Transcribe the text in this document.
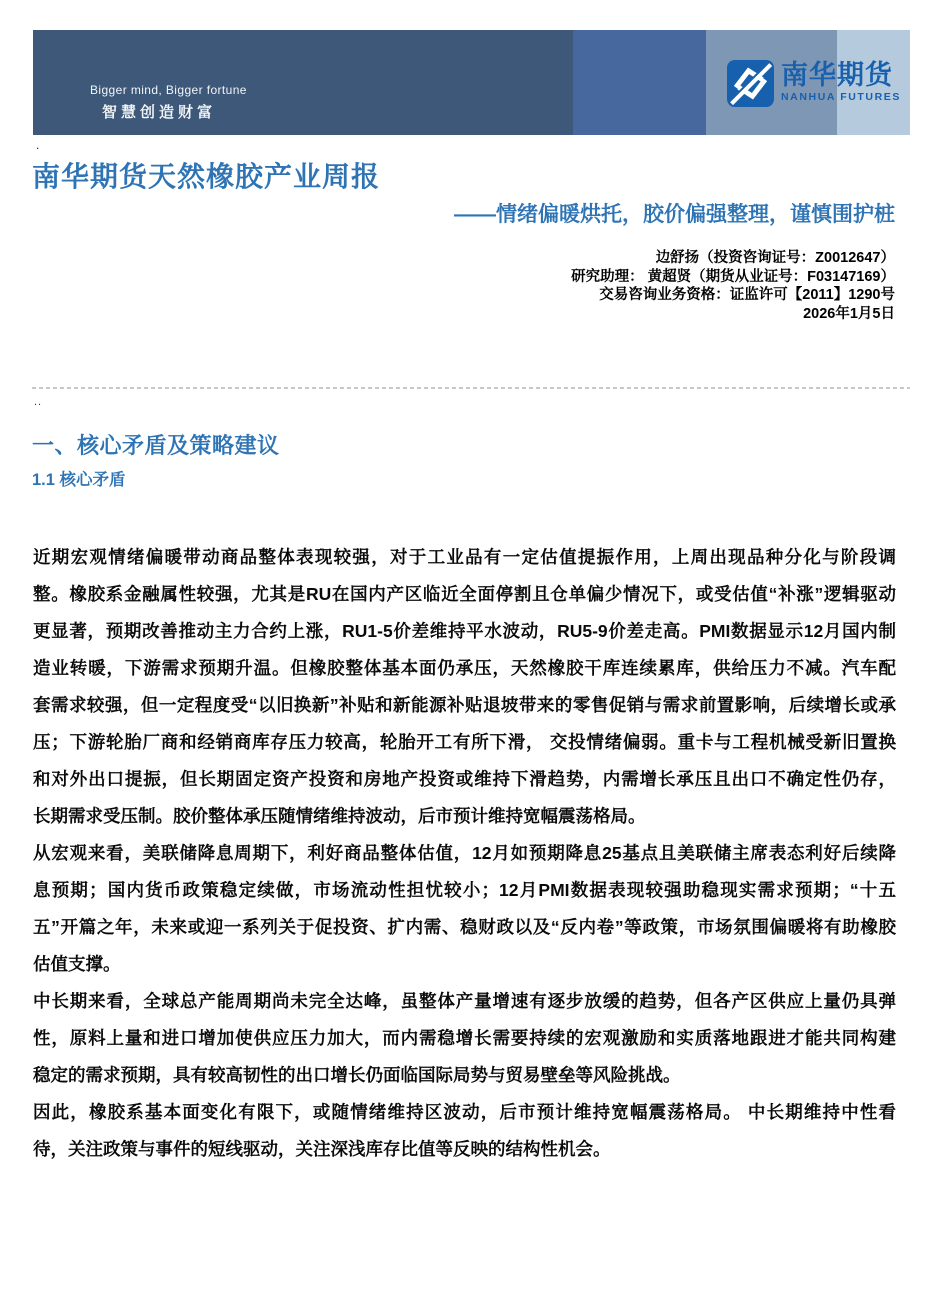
Bigger mind, Bigger fortune
智慧创造财富
南华期货
NANHUA FUTURES
.
南华期货天然橡胶产业周报
——情绪偏暖烘托，胶价偏强整理，谨慎围护桩
边舒扬（投资咨询证号：Z0012647）
研究助理： 黄超贤（期货从业证号：F03147169）
交易咨询业务资格：证监许可【2011】1290号
2026年1月5日
..
一、核心矛盾及策略建议
1.1 核心矛盾

近期宏观情绪偏暖带动商品整体表现较强，对于工业品有一定估值提振作用，上周出现品种分化与阶段调
整。橡胶系金融属性较强，尤其是RU在国内产区临近全面停割且仓单偏少情况下，或受估值“补涨”逻辑驱动
更显著，预期改善推动主力合约上涨，RU1-5价差维持平水波动，RU5-9价差走高。PMI数据显示12月国内制
造业转暖，下游需求预期升温。但橡胶整体基本面仍承压，天然橡胶干库连续累库，供给压力不减。汽车配
套需求较强，但一定程度受“以旧换新”补贴和新能源补贴退坡带来的零售促销与需求前置影响，后续增长或承
压；下游轮胎厂商和经销商库存压力较高，轮胎开工有所下滑， 交投情绪偏弱。重卡与工程机械受新旧置换
和对外出口提振，但长期固定资产投资和房地产投资或维持下滑趋势，内需增长承压且出口不确定性仍存，
长期需求受压制。胶价整体承压随情绪维持波动，后市预计维持宽幅震荡格局。

从宏观来看，美联储降息周期下，利好商品整体估值，12月如预期降息25基点且美联储主席表态利好后续降
息预期；国内货币政策稳定续做，市场流动性担忧较小；12月PMI数据表现较强助稳现实需求预期；“十五
五”开篇之年，未来或迎一系列关于促投资、扩内需、稳财政以及“反内卷”等政策，市场氛围偏暖将有助橡胶
估值支撑。

中长期来看，全球总产能周期尚未完全达峰，虽整体产量增速有逐步放缓的趋势，但各产区供应上量仍具弹
性，原料上量和进口增加使供应压力加大，而内需稳增长需要持续的宏观激励和实质落地跟进才能共同构建
稳定的需求预期，具有较高韧性的出口增长仍面临国际局势与贸易壁垒等风险挑战。

因此，橡胶系基本面变化有限下，或随情绪维持区波动，后市预计维持宽幅震荡格局。 中长期维持中性看
待，关注政策与事件的短线驱动，关注深浅库存比值等反映的结构性机会。
